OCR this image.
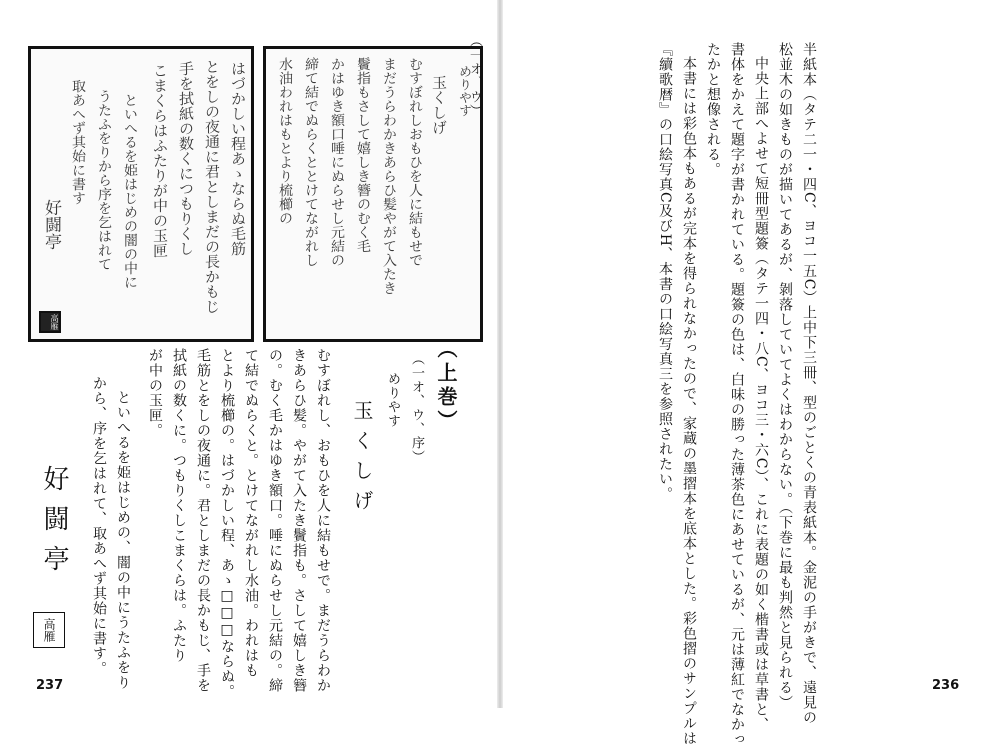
はづかしい程あゝならぬ毛筋
とをしの夜通に君としまだの長かもじ
手を拭紙の数くにつもりくし
こまくらはふたりが中の玉匣
といへるを姫はじめの闇の中に
うたふをりから序を乞はれて
取あへず其始に書す
好闘亭
高雁
めりやす
玉くしげ
むすぼれしおもひを人に結もせで
まだうらわかきあらひ髪やがて入たき
鬢指もさして嬉しき簪のむく毛
かはゆき額口唾にぬらせし元結の
締て結でぬらくととけてながれし
水油われはもとより梳櫛の	（一オ、ウ）
（上巻）
（一オ、ウ、序）
めりやす
玉くしげ
むすぼれし、おもひを人に結もせで。まだうらわか
きあらひ髪。やがて入たき鬢指も。さして嬉しき簪
の。むく毛かはゆき額口。唾にぬらせし元結の。締
て結でぬらくと。とけてながれし水油。われはも
とより梳櫛の。はづかしい程、あゝ□□□ならぬ。
毛筋とをしの夜通に。君としまだの長かもじ、手を
拭紙の数くに。つもりくしこまくらは。ふたり
が中の玉匣。
といへるを姫はじめの、闇の中にうたふをり
から、序を乞はれて、取あへず其始に書す。
好闘亭
高雁
237	半紙本（タテ二一・四C、ヨコ一五C）上中下三冊、型のごとくの青表紙本。金泥の手がきで、遠見の
松並木の如きものが描いてあるが、剝落していてよくはわからない。（下巻に最も判然と見られる）
中央上部へよせて短冊型題簽（タテ一四・八C、ヨコ三・六C）、これに表題の如く楷書或は草書と、
書体をかえて題字が書かれている。題簽の色は、白味の勝った薄茶色にあせているが、元は薄紅でなかっ
たかと想像される。
本書には彩色本もあるが完本を得られなかったので、家蔵の墨摺本を底本とした。彩色摺のサンプルは
『續歌暦』の口絵写真C及びH、本書の口絵写真三を参照されたい。
236
